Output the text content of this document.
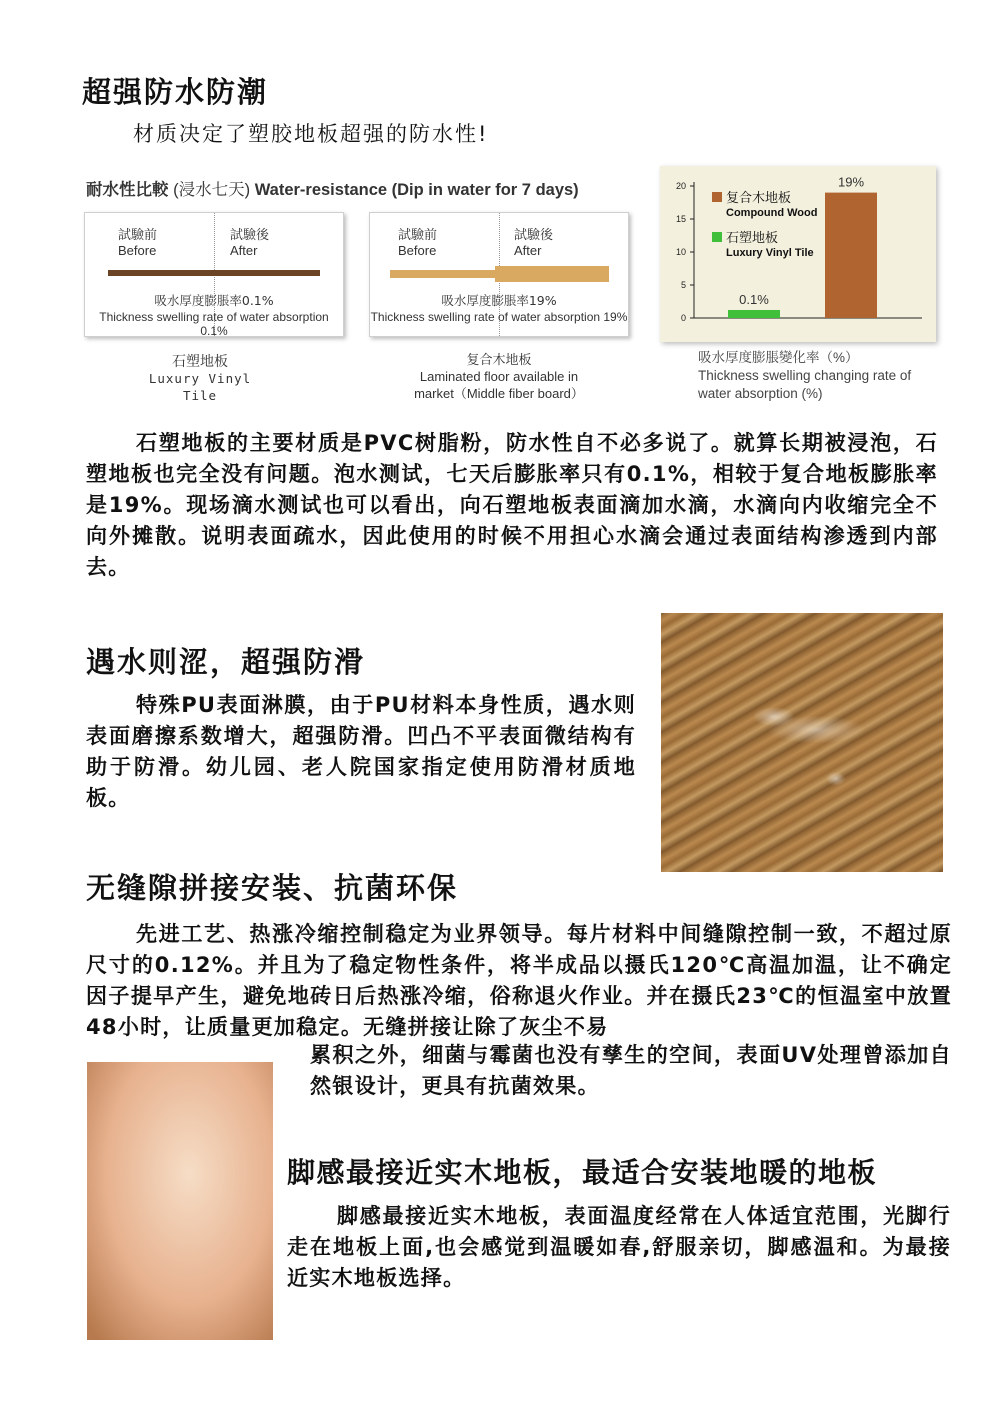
超强防水防潮
材质决定了塑胶地板超强的防水性!
耐水性比較 (浸水七天) Water-resistance (Dip in water for 7 days)
試驗前
Before
試驗後
After
吸水厚度膨脹率0.1%
Thickness swelling rate of water absorption 0.1%
石塑地板
Luxury Vinyl Tile
試驗前
Before
試驗後
After
吸水厚度膨脹率19%
Thickness swelling rate of water absorption 19%
复合木地板
Laminated floor available in
market（Middle fiber board）
0
5
10
15
20
0.1%
19%
复合木地板
Compound Wood
石塑地板
Luxury Vinyl Tile
吸水厚度膨脹變化率（%）
Thickness swelling changing rate of
water absorption (%)
石塑地板的主要材质是PVC树脂粉，防水性自不必多说了。就算长期被浸泡，石塑地板也完全没有问题。泡水测试，七天后膨胀率只有0.1%，相较于复合地板膨胀率是19%。现场滴水测试也可以看出，向石塑地板表面滴加水滴，水滴向内收缩完全不向外摊散。说明表面疏水，因此使用的时候不用担心水滴会通过表面结构渗透到内部去。
遇水则涩，超强防滑
特殊PU表面淋膜，由于PU材料本身性质，遇水则表面磨擦系数增大，超强防滑。凹凸不平表面微结构有助于防滑。幼儿园、老人院国家指定使用防滑材质地板。
无缝隙拼接安装、抗菌环保
先进工艺、热涨冷缩控制稳定为业界领导。每片材料中间缝隙控制一致，不超过原尺寸的0.12%。并且为了稳定物性条件，将半成品以摄氏120℃高温加温，让不确定因子提早产生，避免地砖日后热涨冷缩，俗称退火作业。并在摄氏23℃的恒温室中放置48小时，让质量更加稳定。无缝拼接让除了灰尘不易
累积之外，细菌与霉菌也没有孳生的空间，表面UV处理曾添加自然银设计，更具有抗菌效果。
脚感最接近实木地板，最适合安装地暖的地板
脚感最接近实木地板，表面温度经常在人体适宜范围，光脚行走在地板上面,也会感觉到温暖如春,舒服亲切，脚感温和。为最接近实木地板选择。
